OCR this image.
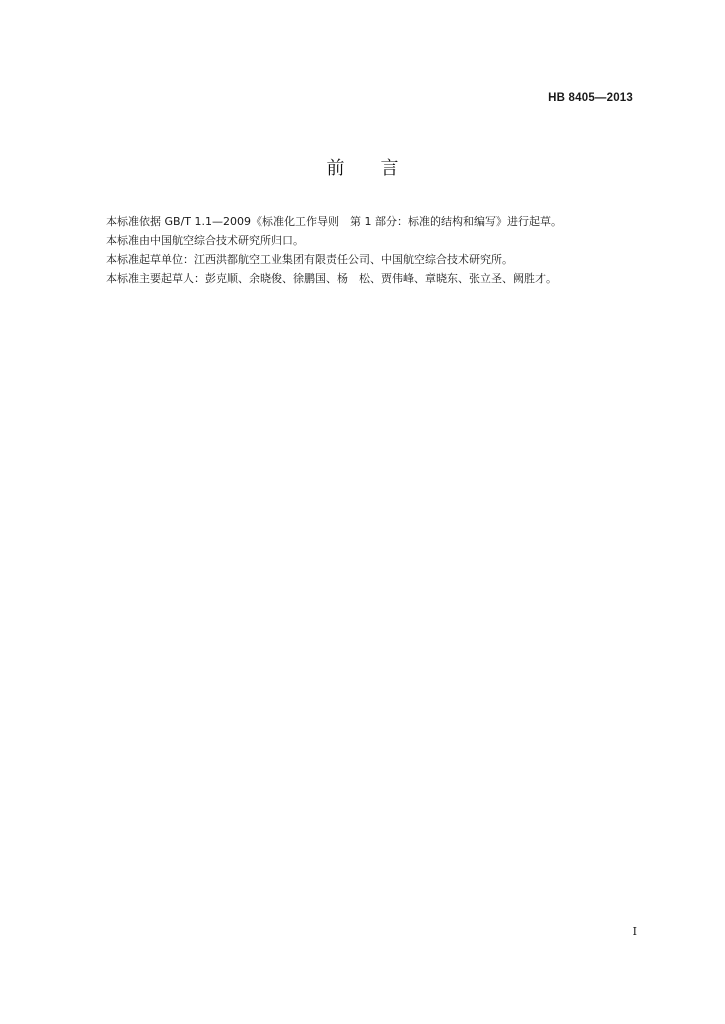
HB 8405—2013
前言

本标准依据 GB/T 1.1—2009《标准化工作导则　第 1 部分：标准的结构和编写》进行起草。

本标准由中国航空综合技术研究所归口。

本标准起草单位：江西洪都航空工业集团有限责任公司、中国航空综合技术研究所。

本标准主要起草人：彭克顺、余晓俊、徐鹏国、杨　松、贾伟峰、章晓东、张立圣、阙胜才。

I
